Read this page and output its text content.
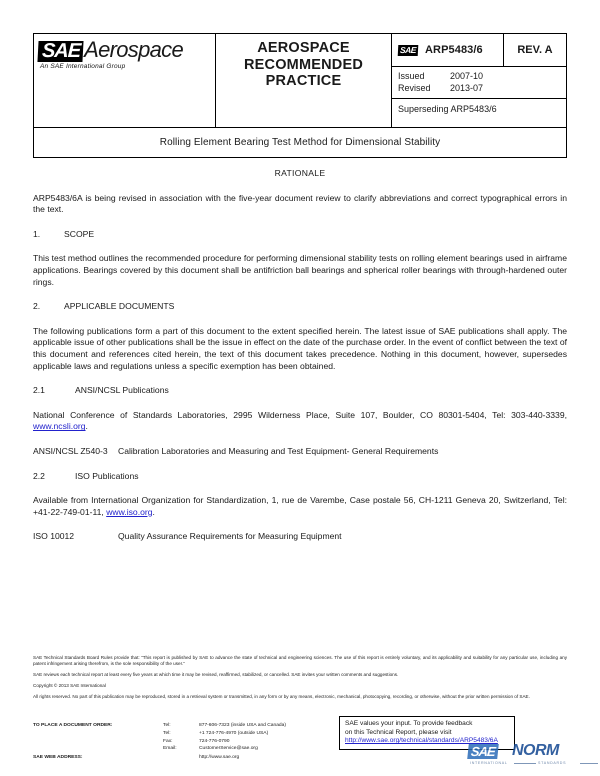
SAE Aerospace
An SAE International Group
AEROSPACE
RECOMMENDED
PRACTICE
SAE ARP5483/6	REV. A
Issued	2007-10
Revised	2013-07
Superseding ARP5483/6
Rolling Element Bearing Test Method for Dimensional Stability

RATIONALE

ARP5483/6A is being revised in association with the five-year document review to clarify abbreviations and correct typographical errors in the text.

1.	SCOPE

This test method outlines the recommended procedure for performing dimensional stability tests on rolling element bearings used in airframe applications. Bearings covered by this document shall be antifriction ball bearings and spherical roller bearings with through-hardened outer rings.

2.	APPLICABLE DOCUMENTS

The following publications form a part of this document to the extent specified herein. The latest issue of SAE publications shall apply. The applicable issue of other publications shall be the issue in effect on the date of the purchase order. In the event of conflict between the text of this document and references cited herein, the text of this document takes precedence. Nothing in this document, however, supersedes applicable laws and regulations unless a specific exemption has been obtained.

2.1	ANSI/NCSL Publications

National Conference of Standards Laboratories, 2995 Wilderness Place, Suite 107, Boulder, CO 80301-5404, Tel: 303-440-3339, www.ncsli.org.

ANSI/NCSL Z540-3	Calibration Laboratories and Measuring and Test Equipment- General Requirements
2.2	ISO Publications

Available from International Organization for Standardization, 1, rue de Varembe, Case postale 56, CH-1211 Geneva 20, Switzerland, Tel: +41-22-749-01-11, www.iso.org.

ISO 10012	Quality Assurance Requirements for Measuring Equipment

SAE Technical Standards Board Rules provide that: “This report is published by SAE to advance the state of technical and engineering sciences. The use of this report is entirely voluntary, and its applicability and suitability for any particular use, including any patent infringement arising therefrom, is the sole responsibility of the user.”

SAE reviews each technical report at least every five years at which time it may be revised, reaffirmed, stabilized, or cancelled. SAE invites your written comments and suggestions.

Copyright © 2013 SAE International

All rights reserved. No part of this publication may be reproduced, stored in a retrieval system or transmitted, in any form or by any means, electronic, mechanical, photocopying, recording, or otherwise, without the prior written permission of SAE.

TO PLACE A DOCUMENT ORDER:	Tel:	877-606-7323 (inside USA and Canada)
Tel:	+1 724-776-4970 (outside USA)
Fax:	724-776-0790
Email:	CustomerService@sae.org
SAE WEB ADDRESS:	http://www.sae.org
SAE values your input. To provide feedback
on this Technical Report, please visit
http://www.sae.org/technical/standards/ARP5483/6A
SAE NORM
INTERNATIONAL	STANDARDS
